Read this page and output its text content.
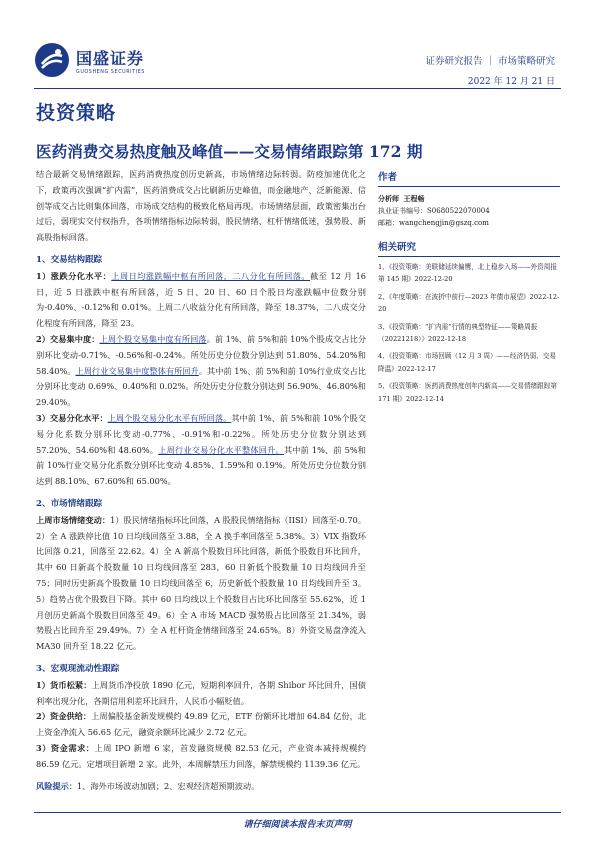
国盛证券
GUOSHENG SECURITIES
证券研究报告 ｜ 市场策略研究
2022 年 12 月 21 日
投资策略
医药消费交易热度触及峰值——交易情绪跟踪第 172 期

结合最新交易情绪跟踪，医药消费热度创历史新高，市场情绪边际转弱。防疫加速优化之下，政策再次强调“扩内需”，医药消费成交占比刷新历史峰值，而金融地产、泛新能源、信创等成交占比则集体回落，市场成交结构的极致化格局再现。市场情绪层面，政策密集出台过后，弱现实交付权指升，各项情绪指标边际转弱，股民情绪、杠杆情绪低迷，强势股、新高股指标回落。

1、交易结构跟踪

1）涨跌分化水平：上周日均涨跌幅中枢有所回落，二八分化有所回落。截至 12 月 16 日，近 5 日涨跌中枢有所回落，近 5 日、20 日、60 日个股日均涨跌幅中位数分别为-0.40%、-0.12%和 0.01%。上周二八收益分化有所回落，降至 18.37%，二八成交分化程度有所回落，降至 23。

2）交易集中度：上周个股交易集中度有所回落。前 1%、前 5%和前 10%个股成交占比分别环比变动-0.71%、-0.56%和-0.24%。所处历史分位数分别达到 51.80%、54.20%和 58.40%。上周行业交易集中度整体有所回升。其中前 1%、前 5%和前 10%行业成交占比分别环比变动 0.69%、0.40%和 0.02%。所处历史分位数分别达到 56.90%、46.80%和 29.40%。

3）交易分化水平：上周个股交易分化水平有所回落。其中前 1%、前 5%和前 10%个股交易分化系数分别环比变动-0.77%、-0.91%和-0.22%。所处历史分位数分别达到 57.20%、54.60%和 48.60%。上周行业交易分化水平整体回升。其中前 1%、前 5%和前 10%行业交易分化系数分别环比变动 4.85%、1.59%和 0.19%。所处历史分位数分别达到 88.10%、67.60%和 65.00%。

2、市场情绪跟踪

上周市场情绪变动：1）股民情绪指标环比回落，A 股股民情绪指标（IISI）回落至-0.70。2）全 A 涨跌停比值 10 日均线回落至 3.88，全 A 换手率回落至 5.38%。3）VIX 指数环比回落 0.21，回落至 22.62。4）全 A 新高个股数目环比回落，新低个股数目环比回升，其中 60 日新高个股数量 10 日均线回落至 283，60 日新低个股数量 10 日均线回升至 75；同时历史新高个股数量 10 日均线回落至 6，历史新低个股数量 10 日均线回升至 3。5）趋势占优个股数目下降。其中 60 日均线以上个股数目占比环比回落至 55.62%，近 1 月创历史新高个股数目回落至 49。6）全 A 市场 MACD 强势股占比回落至 21.34%，弱势股占比回升至 29.49%。7）全 A 杠杆资金情绪回落至 24.65%。8）外资交易盘净流入 MA30 回升至 18.22 亿元。

3、宏观现流动性跟踪

1）货币松紧：上周货币净投放 1890 亿元，短期利率回升，各期 Shibor 环比回升，国债利率出现分化，各期信用利差环比回升，人民币小幅贬值。

2）资金供给：上周偏股基金新发规模约 49.89 亿元，ETF 份额环比增加 64.84 亿份，北上资金净流入 56.65 亿元，融资余额环比减少 2.72 亿元。

3）资金需求：上周 IPO 新增 6 家，首发融资规模 82.53 亿元，产业资本减持规模约 86.59 亿元。定增项目新增 2 家。此外，本周解禁压力回落，解禁规模约 1139.36 亿元。

风险提示：1、海外市场波动加剧；2、宏观经济超预期波动。

作者
分析师 王程畅
执业证书编号：S0680522070004
邮箱：wangchengjin@gszq.com
相关研究
1、《投资策略：美联储延续偏鹰，北上稳步入场——外资周报第 145 期》2022-12-20
2、《年度策略：在波折中前行—2023 年债市展望》2022-12-20
3、《投资策略：“扩内需”行情的典型特征——策略周报（20221218）》2022-12-18
4、《投资策略：市场回顾（12 月 3 周）——经济仍弱、交易降温》2022-12-17
5、《投资策略：医药消费热度创年内新高——交易情绪跟踪第 171 期》2022-12-14
请仔细阅读本报告末页声明
